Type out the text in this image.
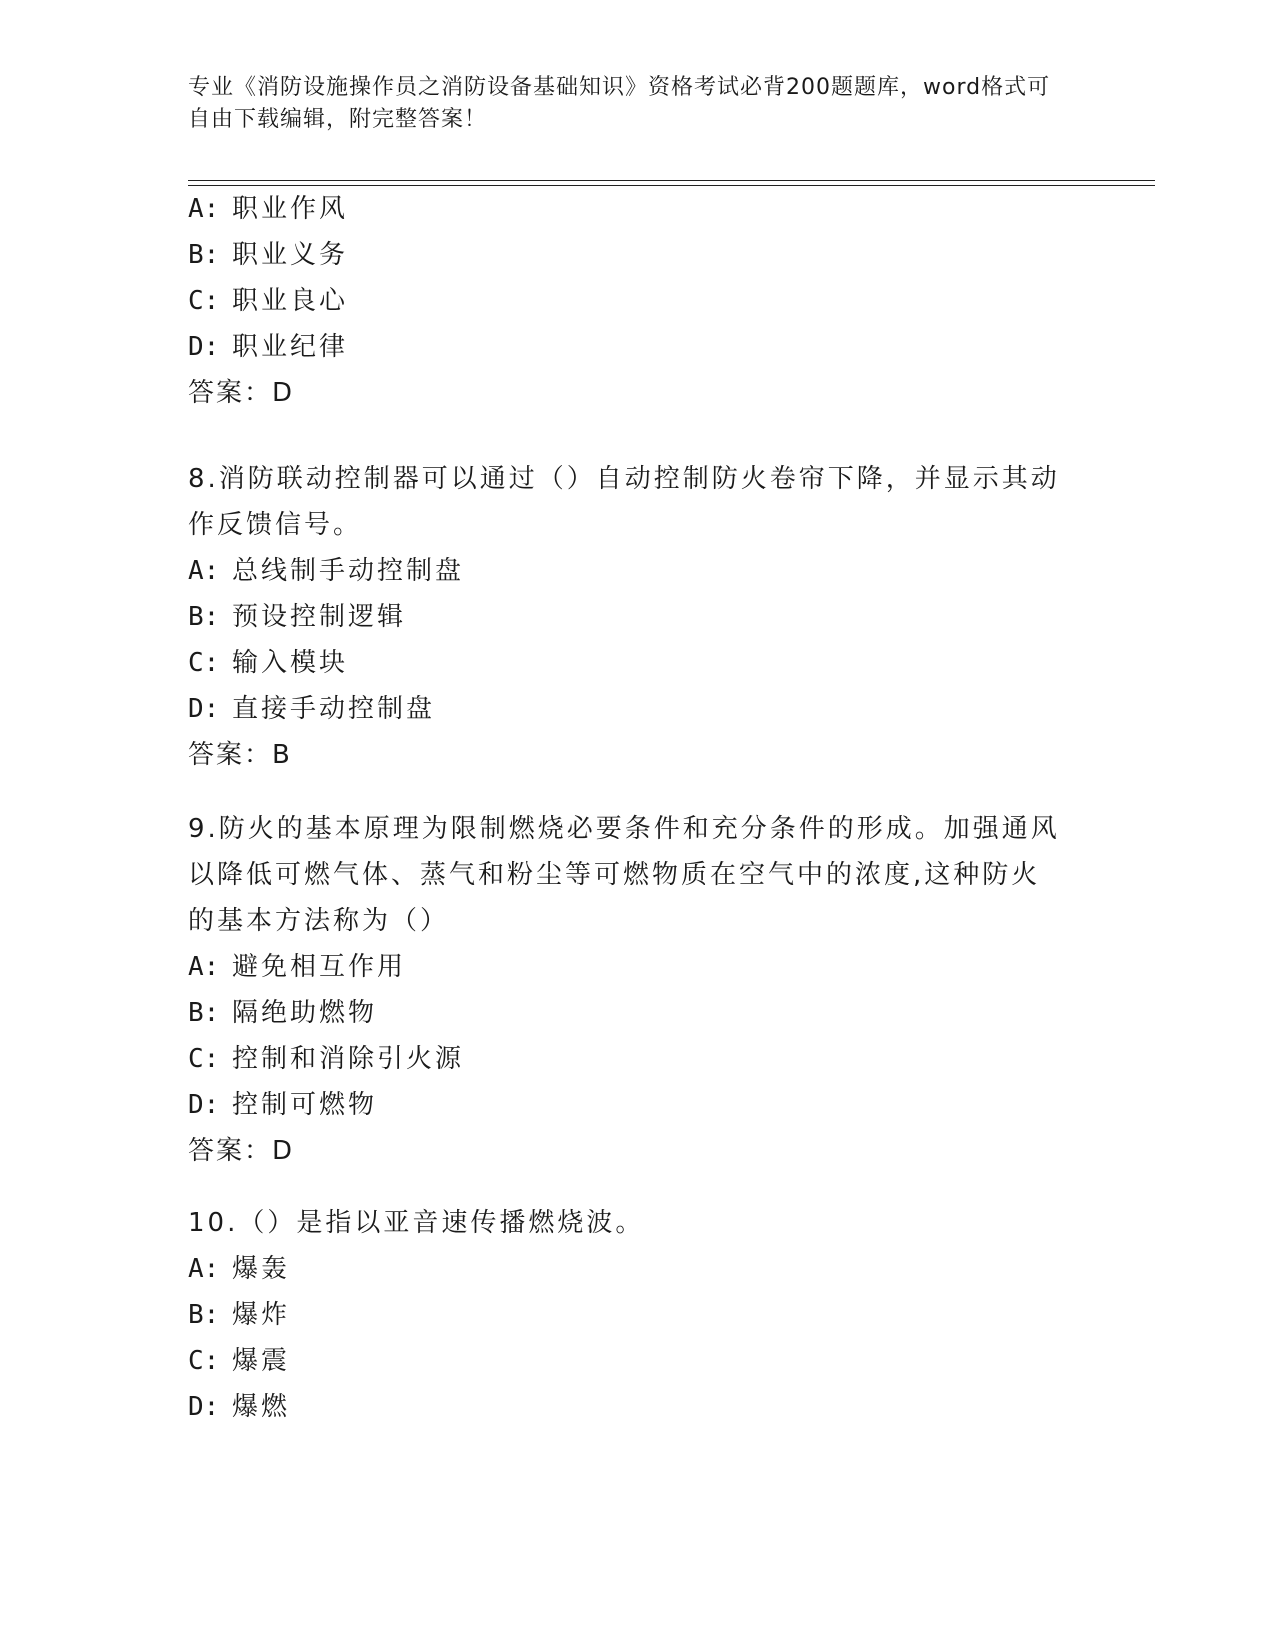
专业《消防设施操作员之消防设备基础知识》资格考试必背200题题库，word格式可自由下载编辑，附完整答案！
A: 职业作风
B: 职业义务
C: 职业良心
D: 职业纪律
答案：D
8.消防联动控制器可以通过（）自动控制防火卷帘下降，并显示其动作反馈信号。
A: 总线制手动控制盘
B: 预设控制逻辑
C: 输入模块
D: 直接手动控制盘
答案：B
9.防火的基本原理为限制燃烧必要条件和充分条件的形成。加强通风以降低可燃气体、蒸气和粉尘等可燃物质在空气中的浓度,这种防火的基本方法称为（）
A: 避免相互作用
B: 隔绝助燃物
C: 控制和消除引火源
D: 控制可燃物
答案：D
10.（）是指以亚音速传播燃烧波。
A: 爆轰
B: 爆炸
C: 爆震
D: 爆燃
